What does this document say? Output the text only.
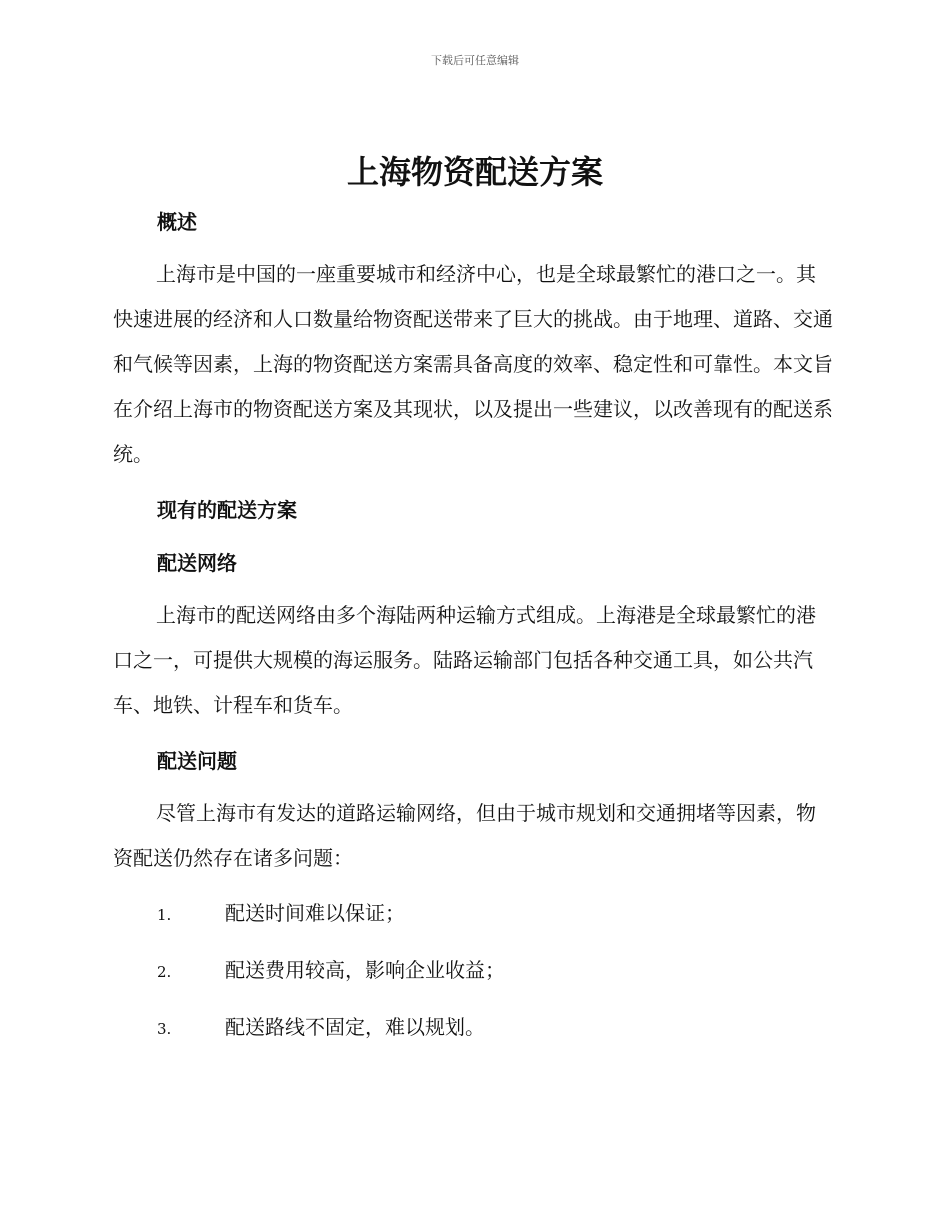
下载后可任意编辑
上海物资配送方案
概述

上海市是中国的一座重要城市和经济中心，也是全球最繁忙的港口之一。其快速进展的经济和人口数量给物资配送带来了巨大的挑战。由于地理、道路、交通和气候等因素，上海的物资配送方案需具备高度的效率、稳定性和可靠性。本文旨在介绍上海市的物资配送方案及其现状，以及提出一些建议，以改善现有的配送系统。

现有的配送方案
配送网络

上海市的配送网络由多个海陆两种运输方式组成。上海港是全球最繁忙的港口之一，可提供大规模的海运服务。陆路运输部门包括各种交通工具，如公共汽车、地铁、计程车和货车。

配送问题

尽管上海市有发达的道路运输网络，但由于城市规划和交通拥堵等因素，物资配送仍然存在诸多问题：

1.	配送时间难以保证；
2.	配送费用较高，影响企业收益；
3.	配送路线不固定，难以规划。
